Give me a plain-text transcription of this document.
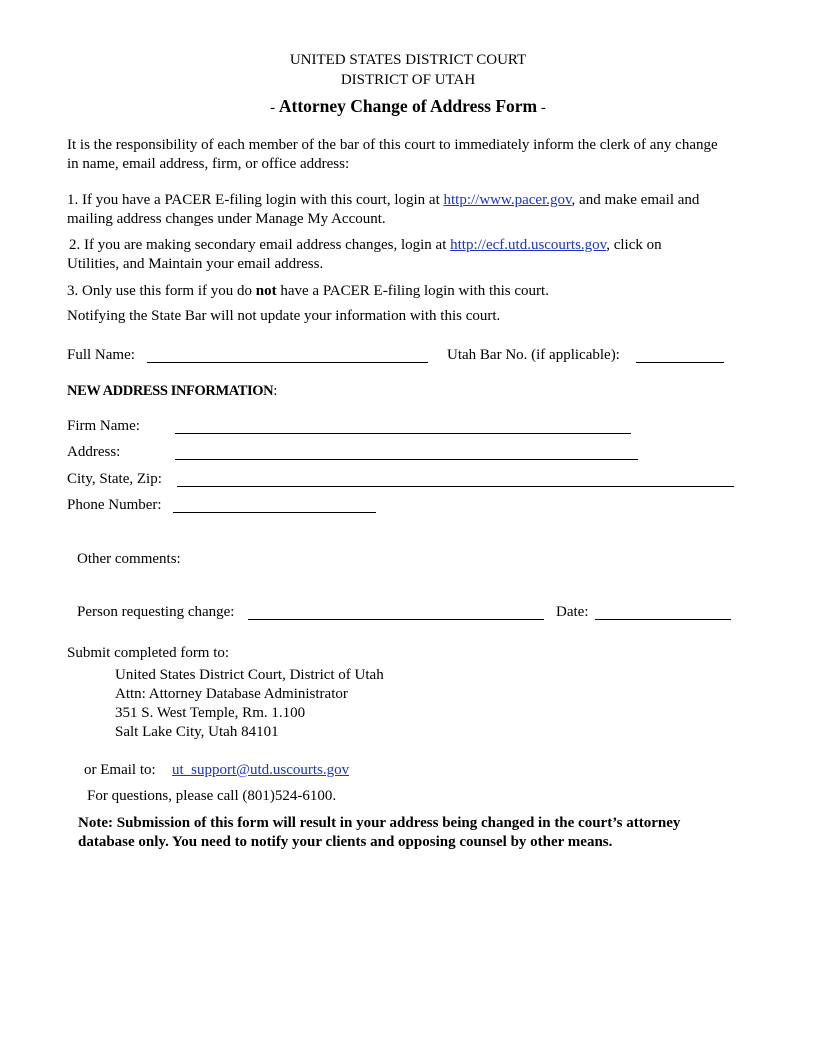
UNITED STATES DISTRICT COURT
DISTRICT OF UTAH
- Attorney Change of Address Form -
It is the responsibility of each member of the bar of this court to immediately inform the clerk of any change in name, email address, firm, or office address:
1. If you have a PACER E-filing login with this court, login at http://www.pacer.gov, and make email and
mailing address changes under Manage My Account.
2. If you are making secondary email address changes, login at http://ecf.utd.uscourts.gov, click on
Utilities, and Maintain your email address.
3. Only use this form if you do not have a PACER E-filing login with this court.
Notifying the State Bar will not update your information with this court.
Full Name:	Utah Bar No. (if applicable):
NEW ADDRESS INFORMATION:
Firm Name:
Address:
City, State, Zip:
Phone Number:
Other comments:
Person requesting change:	Date:
Submit completed form to:
United States District Court, District of Utah
Attn: Attorney Database Administrator
351 S. West Temple, Rm. 1.100
Salt Lake City, Utah 84101
or Email to: ut_support@utd.uscourts.gov
For questions, please call (801)524-6100.
Note: Submission of this form will result in your address being changed in the court’s attorney
database only. You need to notify your clients and opposing counsel by other means.
